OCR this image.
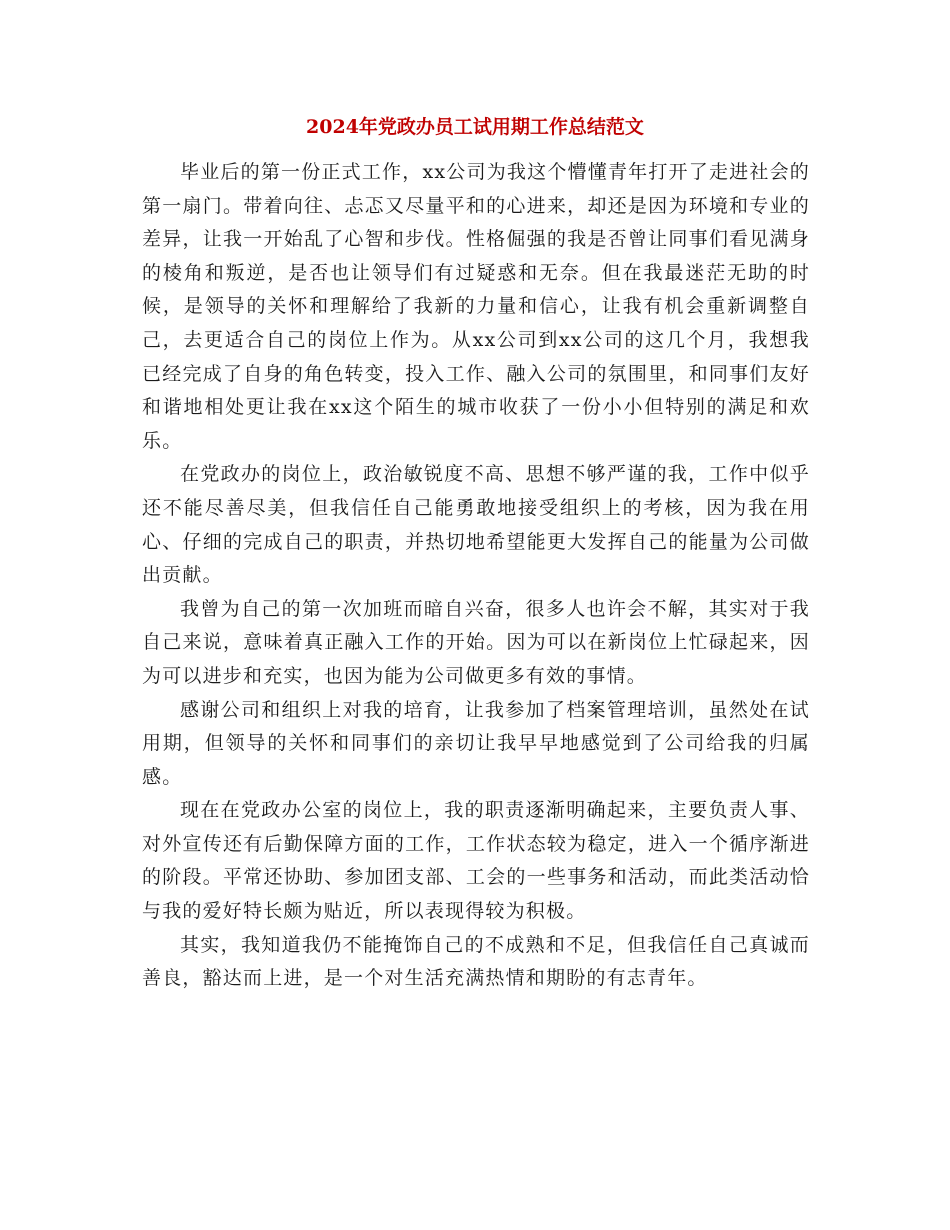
2024年党政办员工试用期工作总结范文

毕业后的第一份正式工作，xx公司为我这个懵懂青年打开了走进社会的第一扇门。带着向往、忐忑又尽量平和的心进来，却还是因为环境和专业的差异，让我一开始乱了心智和步伐。性格倔强的我是否曾让同事们看见满身的棱角和叛逆，是否也让领导们有过疑惑和无奈。但在我最迷茫无助的时候，是领导的关怀和理解给了我新的力量和信心，让我有机会重新调整自己，去更适合自己的岗位上作为。从xx公司到xx公司的这几个月，我想我已经完成了自身的角色转变，投入工作、融入公司的氛围里，和同事们友好和谐地相处更让我在xx这个陌生的城市收获了一份小小但特别的满足和欢乐。

在党政办的岗位上，政治敏锐度不高、思想不够严谨的我，工作中似乎还不能尽善尽美，但我信任自己能勇敢地接受组织上的考核，因为我在用心、仔细的完成自己的职责，并热切地希望能更大发挥自己的能量为公司做出贡献。

我曾为自己的第一次加班而暗自兴奋，很多人也许会不解，其实对于我自己来说，意味着真正融入工作的开始。因为可以在新岗位上忙碌起来，因为可以进步和充实，也因为能为公司做更多有效的事情。

感谢公司和组织上对我的培育，让我参加了档案管理培训，虽然处在试用期，但领导的关怀和同事们的亲切让我早早地感觉到了公司给我的归属感。

现在在党政办公室的岗位上，我的职责逐渐明确起来，主要负责人事、对外宣传还有后勤保障方面的工作，工作状态较为稳定，进入一个循序渐进的阶段。平常还协助、参加团支部、工会的一些事务和活动，而此类活动恰与我的爱好特长颇为贴近，所以表现得较为积极。

其实，我知道我仍不能掩饰自己的不成熟和不足，但我信任自己真诚而善良，豁达而上进，是一个对生活充满热情和期盼的有志青年。
